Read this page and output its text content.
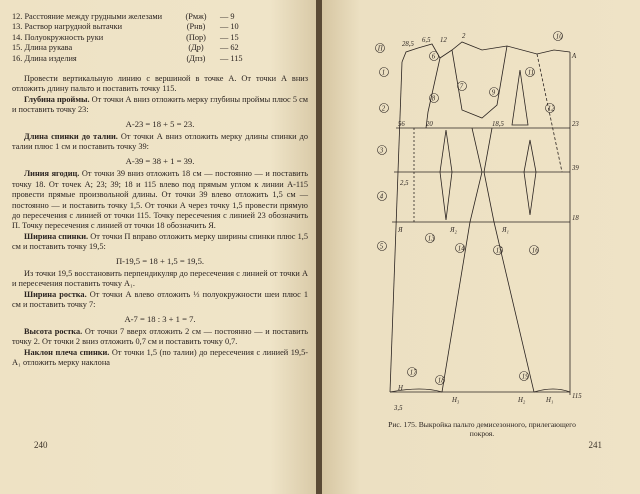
12. Расстояние между грудными железами	(Рмж)	— 9
13. Раствор нагрудной вытачки	(Рнв)	— 10
14. Полуокружность руки	(Пор)	— 15
15. Длина рукава	(Др)	— 62
16. Длина изделия	(Дпз)	— 115

Провести вертикальную линию с вершиной в точке А. От точки А вниз отложить длину пальто и поставить точку 115.

Глубина проймы. От точки А вниз отложить мерку глубины проймы плюс 5 см и поставить точку 23:

А-23 = 18 + 5 = 23.

Длина спинки до талии. От точки А вниз отложить мерку длины спинки до талии плюс 1 см и поставить точку 39:

А-39 = 38 + 1 = 39.

Линия ягодиц. От точки 39 вниз отложить 18 см — постоянно — и поставить точку 18. От точек А; 23; 39; 18 и 115 влево под прямым углом к линии А-115 провести прямые произвольной длины. От точки 39 влево отложить 1,5 см — постоянно — и поставить точку 1,5. От точки А через точку 1,5 провести прямую до пересечения с линией от точки 115. Точку пересечения с линией 23 обозначить П. Точку пересечения с линией от точки 18 обозначить Я.

Ширина спинки. От точки П вправо отложить мерку ширины спинки плюс 1,5 см и поставить точку 19,5:

П-19,5 = 18 + 1,5 = 19,5.

Из точки 19,5 восстановить перпендикуляр до пересечения с линией от точки А и пересечения поставить точку А₁.

Ширина ростка. От точки А влево отложить ⅓ полуокружности шеи плюс 1 см и поставить точку 7:

А-7 = 18 : 3 + 1 = 7.

Высота ростка. От точки 7 вверх отложить 2 см — постоянно — и поставить точку 2. От точки 2 вниз отложить 0,7 см и поставить точку 0,7.

Наклон плеча спинки. От точки 1,5 (по талии) до пересечения с линией 19,5-А₁ отложить мерку наклона

240
П
1
2
3
4
5
6
7
8
9
10
11
12
13
14	15	16
17
18
19
28,5
6,5 12
2
А
23
56	20	18,5
39
2,5
Я	Я₂	Я₁
18
Н
Н₃	Н₂	Н₁
115
3,5
Рис. 175. Выкройка пальто демисезонного, прилегающего покроя.
241
